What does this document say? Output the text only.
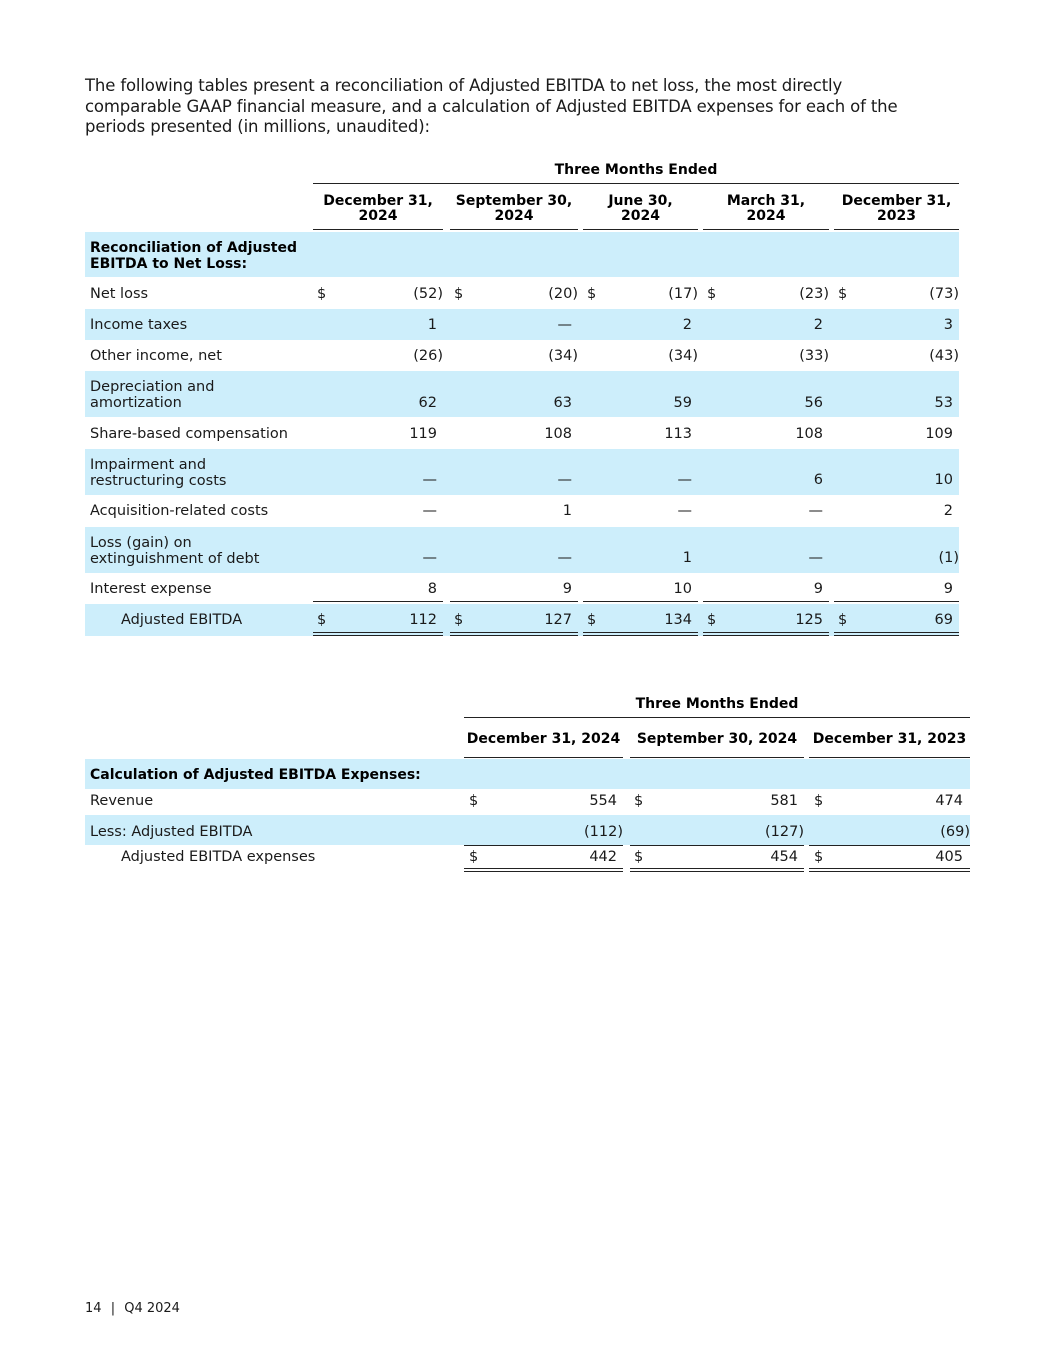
The following tables present a reconciliation of Adjusted EBITDA to net loss, the most directly
comparable GAAP financial measure, and a calculation of Adjusted EBITDA expenses for each of the
periods presented (in millions, unaudited):
Three Months Ended
December 31,
2024
September 30,
2024
June 30,
2024
March 31,
2024
December 31,
2023
Reconciliation of Adjusted
EBITDA to Net Loss:
Net loss	$	(52) $	(20) $	(17) $	(23) $	(73)
Income taxes	1	—	2	2	3
Other income, net	(26)	(34)	(34)	(33)	(43)
Depreciation and
amortization	62	63	59	56	53
Share-based compensation	119	108	113	108	109
Impairment and
restructuring costs	—	—	—	6	10
Acquisition-related costs	—	1	—	—	2
Loss (gain) on
extinguishment of debt	—	—	1	—	(1)
Interest expense	8	9	10	9	9
Adjusted EBITDA	$	112 $	127 $	134 $	125 $	69
Three Months Ended
December 31, 2024	September 30, 2024	December 31, 2023
Calculation of Adjusted EBITDA Expenses:
Revenue	$	554 $	581 $	474
Less: Adjusted EBITDA	(112)	(127)	(69)
Adjusted EBITDA expenses	$	442 $	454 $	405
14 | Q4 2024
